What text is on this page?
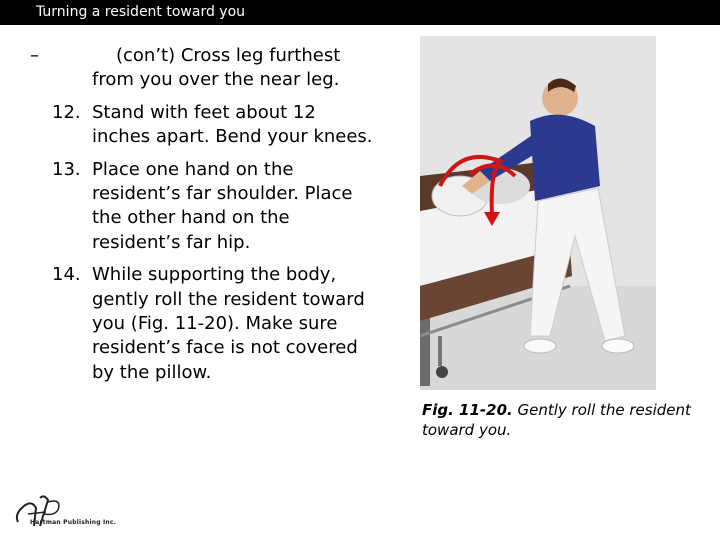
Turning a resident toward you
–	(con’t) Cross leg furthest from you over the near leg.
12. Stand with feet about 12 inches apart. Bend your knees.
13. Place one hand on the resident’s far shoulder. Place the other hand on the resident’s far hip.
14. While supporting the body, gently roll the resident toward you (Fig. 11-20). Make sure resident’s face is not covered by the pillow.
Fig. 11-20. Gently roll the resident toward you.
Hartman Publishing Inc.
